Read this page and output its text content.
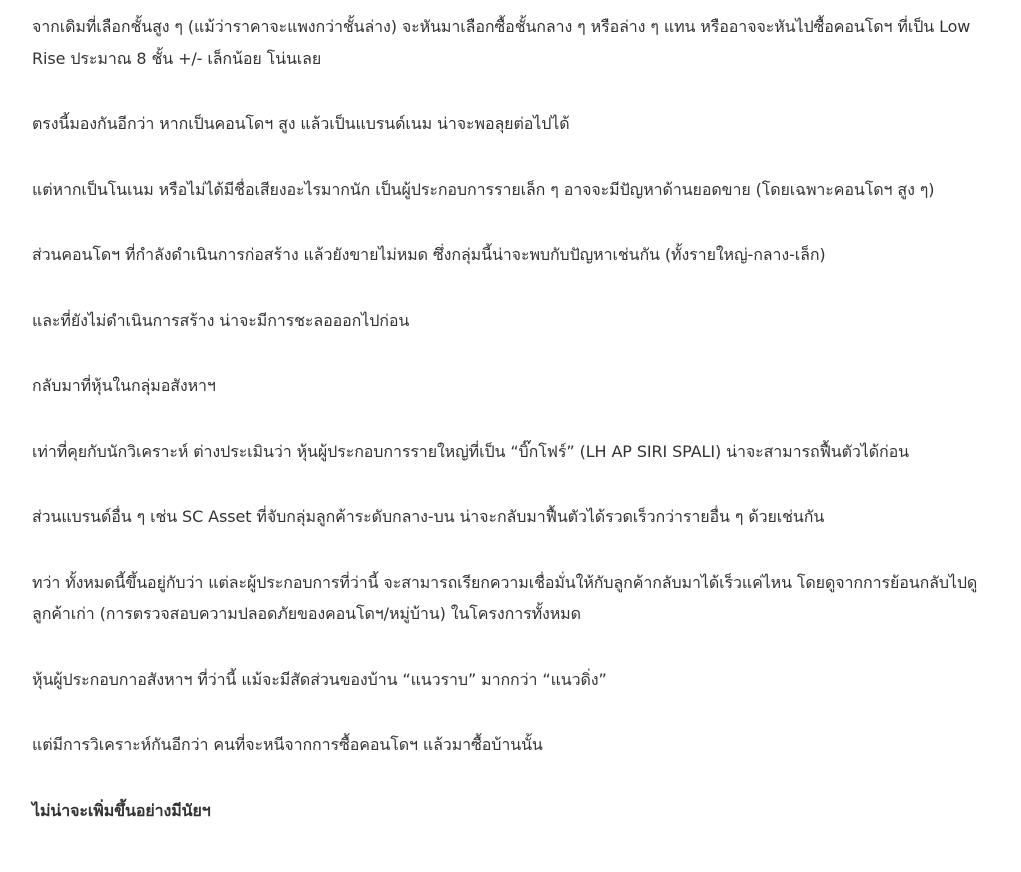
จากเดิมที่เลือกชั้นสูง ๆ (แม้ว่าราคาจะแพงกว่าชั้นล่าง) จะหันมาเลือกซื้อชั้นกลาง ๆ หรือล่าง ๆ แทน หรืออาจจะหันไปซื้อคอนโดฯ ที่เป็น Low Rise ประมาณ 8 ชั้น +/- เล็กน้อย โน่นเลย

ตรงนี้มองกันอีกว่า หากเป็นคอนโดฯ สูง แล้วเป็นแบรนด์เนม น่าจะพอลุยต่อไปได้

แต่หากเป็นโนเนม หรือไม่ได้มีชื่อเสียงอะไรมากนัก เป็นผู้ประกอบการรายเล็ก ๆ อาจจะมีปัญหาด้านยอดขาย (โดยเฉพาะคอนโดฯ สูง ๆ)

ส่วนคอนโดฯ ที่กำลังดำเนินการก่อสร้าง แล้วยังขายไม่หมด ซึ่งกลุ่มนี้น่าจะพบกับปัญหาเช่นกัน (ทั้งรายใหญ่-กลาง-เล็ก)

และที่ยังไม่ดำเนินการสร้าง น่าจะมีการชะลอออกไปก่อน

กลับมาที่หุ้นในกลุ่มอสังหาฯ

เท่าที่คุยกับนักวิเคราะห์ ต่างประเมินว่า หุ้นผู้ประกอบการรายใหญ่ที่เป็น “บิ๊กโฟร์” (LH AP SIRI SPALI) น่าจะสามารถฟื้นตัวได้ก่อน

ส่วนแบรนด์อื่น ๆ เช่น SC Asset ที่จับกลุ่มลูกค้าระดับกลาง-บน น่าจะกลับมาฟื้นตัวได้รวดเร็วกว่ารายอื่น ๆ ด้วยเช่นกัน

ทว่า ทั้งหมดนี้ขึ้นอยู่กับว่า แต่ละผู้ประกอบการที่ว่านี้ จะสามารถเรียกความเชื่อมั่นให้กับลูกค้ากลับมาได้เร็วแค่ไหน โดยดูจากการย้อนกลับไปดูลูกค้าเก่า (การตรวจสอบความปลอดภัยของคอนโดฯ/หมู่บ้าน) ในโครงการทั้งหมด

หุ้นผู้ประกอบกาอสังหาฯ ที่ว่านี้ แม้จะมีสัดส่วนของบ้าน “แนวราบ” มากกว่า “แนวดิ่ง”

แต่มีการวิเคราะห์กันอีกว่า คนที่จะหนีจากการซื้อคอนโดฯ แล้วมาซื้อบ้านนั้น

ไม่น่าจะเพิ่มขึ้นอย่างมีนัยฯ
